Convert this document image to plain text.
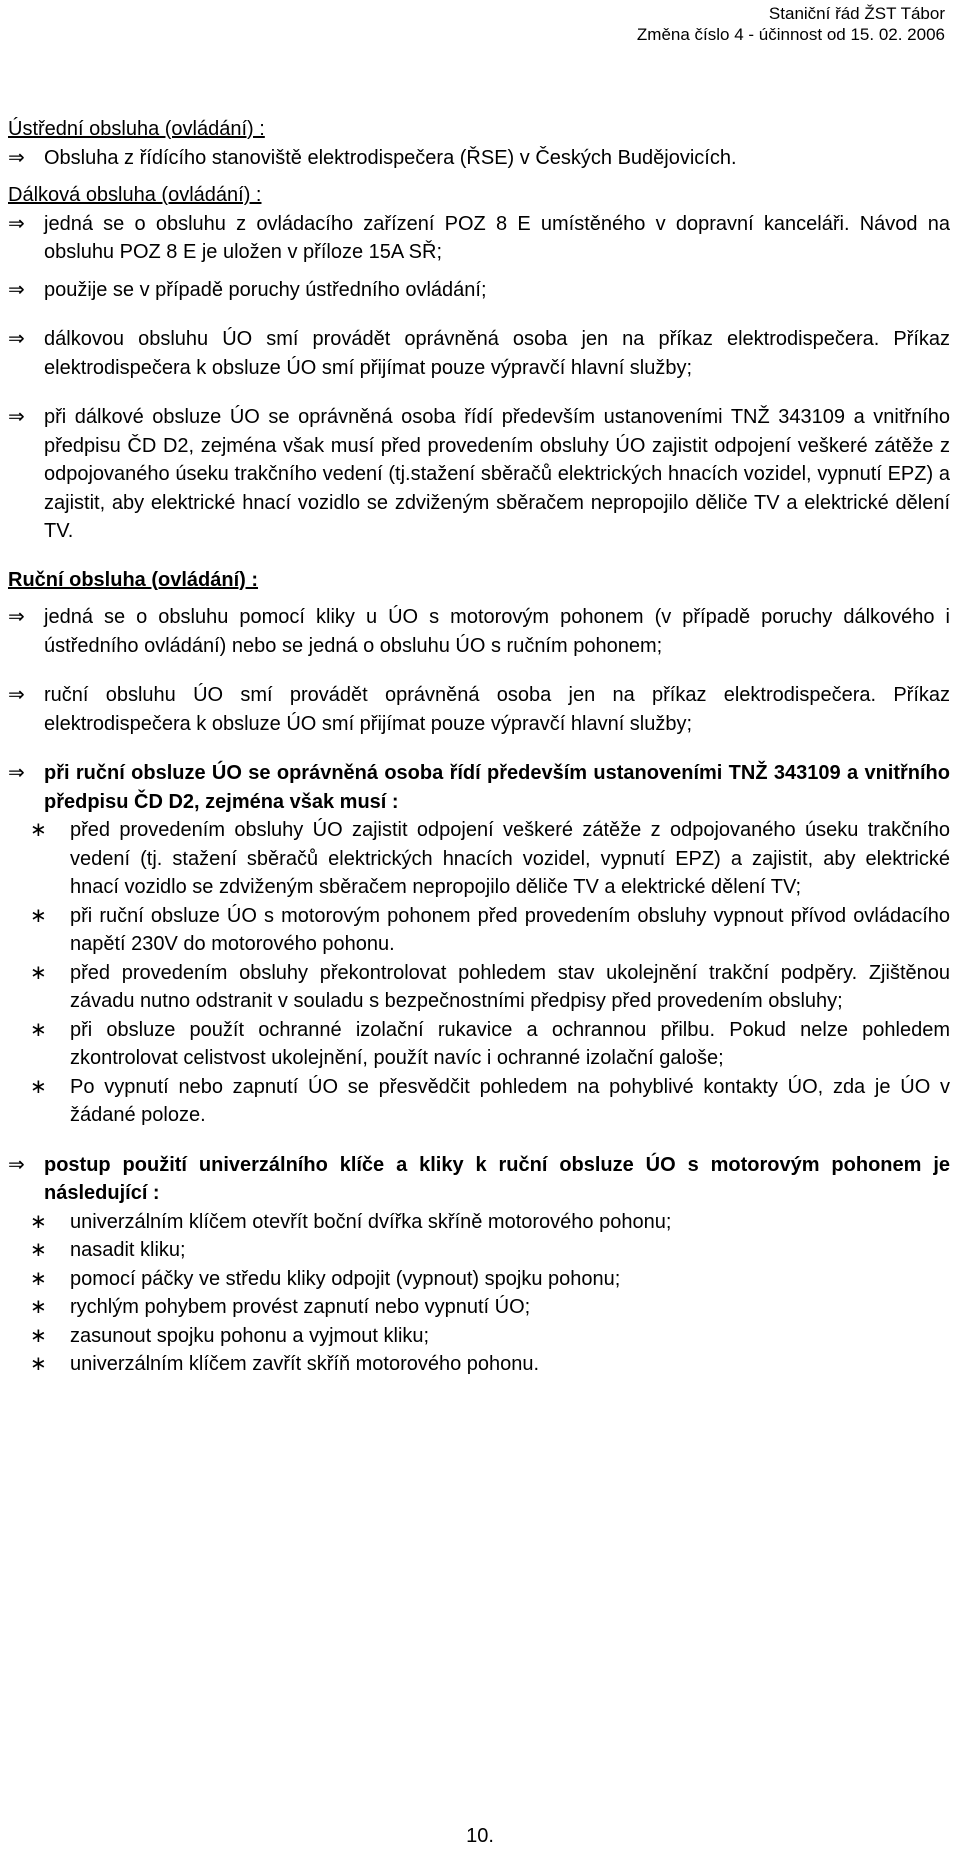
Staniční řád ŽST Tábor
Změna číslo 4 - účinnost od 15. 02. 2006
Ústřední obsluha (ovládání) :
⇒ Obsluha z řídícího stanoviště elektrodispečera (ŘSE) v Českých Budějovicích.
Dálková obsluha (ovládání) :
⇒ jedná se o obsluhu z ovládacího zařízení POZ 8 E umístěného v dopravní kanceláři. Návod na obsluhu POZ 8 E je uložen v příloze 15A SŘ;
⇒ použije se v případě poruchy ústředního ovládání;
⇒ dálkovou obsluhu ÚO smí provádět oprávněná osoba jen na příkaz elektrodispečera. Příkaz elektrodispečera k obsluze ÚO smí přijímat pouze výpravčí hlavní služby;
⇒ při dálkové obsluze ÚO se oprávněná osoba řídí především ustanoveními TNŽ 343109 a vnitřního předpisu ČD D2, zejména však musí před provedením obsluhy ÚO zajistit odpojení veškeré zátěže z odpojovaného úseku trakčního vedení (tj.stažení sběračů elektrických hnacích vozidel, vypnutí EPZ) a zajistit, aby elektrické hnací vozidlo se zdviženým sběračem nepropojilo děliče TV a elektrické dělení TV.
Ruční obsluha (ovládání) :
⇒ jedná se o obsluhu pomocí kliky u ÚO s motorovým pohonem (v případě poruchy dálkového i ústředního ovládání) nebo se jedná o obsluhu ÚO s ručním pohonem;
⇒ ruční obsluhu ÚO smí provádět oprávněná osoba jen na příkaz elektrodispečera. Příkaz elektrodispečera k obsluze ÚO smí přijímat pouze výpravčí hlavní služby;
⇒ při ruční obsluze ÚO se oprávněná osoba řídí především ustanoveními TNŽ 343109 a vnitřního předpisu ČD D2, zejména však musí :
∗ před provedením obsluhy ÚO zajistit odpojení veškeré zátěže z odpojovaného úseku trakčního vedení (tj. stažení sběračů elektrických hnacích vozidel, vypnutí EPZ) a zajistit, aby elektrické hnací vozidlo se zdviženým sběračem nepropojilo děliče TV a elektrické dělení TV;
∗ při ruční obsluze ÚO s motorovým pohonem před provedením obsluhy vypnout přívod ovládacího napětí 230V do motorového pohonu.
∗ před provedením obsluhy překontrolovat pohledem stav ukolejnění trakční podpěry. Zjištěnou závadu nutno odstranit v souladu s bezpečnostními předpisy před provedením obsluhy;
∗ při obsluze použít ochranné izolační rukavice a ochrannou přilbu. Pokud nelze pohledem zkontrolovat celistvost ukolejnění, použít navíc i ochranné izolační galoše;
∗ Po vypnutí nebo zapnutí ÚO se přesvědčit pohledem na pohyblivé kontakty ÚO, zda je ÚO v žádané poloze.
⇒ postup použití univerzálního klíče a kliky k ruční obsluze ÚO s motorovým pohonem je následující :
∗ univerzálním klíčem otevřít boční dvířka skříně motorového pohonu;
∗ nasadit kliku;
∗ pomocí páčky ve středu kliky odpojit (vypnout) spojku pohonu;
∗ rychlým pohybem provést zapnutí nebo vypnutí ÚO;
∗ zasunout spojku pohonu a vyjmout kliku;
∗ univerzálním klíčem zavřít skříň motorového pohonu.
10.
